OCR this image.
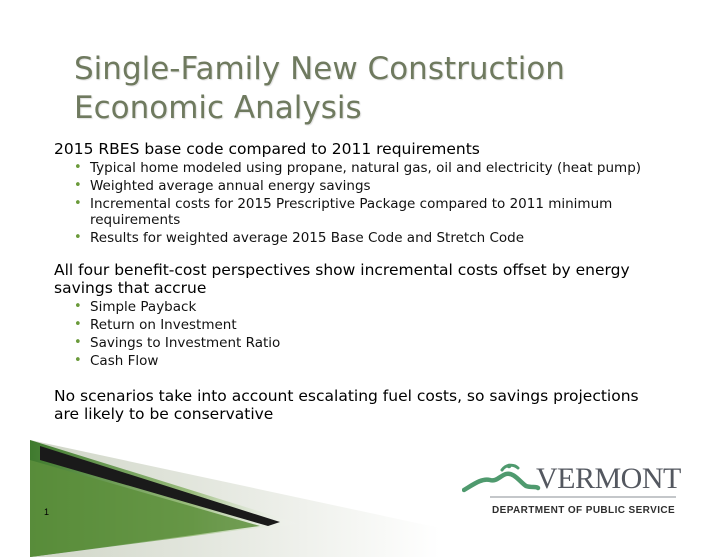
Single-Family New Construction
Economic Analysis

2015 RBES base code compared to 2011 requirements

• Typical home modeled using propane, natural gas, oil and electricity (heat pump)
• Weighted average annual energy savings
• Incremental costs for 2015 Prescriptive Package compared to 2011 minimum requirements
• Results for weighted average 2015 Base Code and Stretch Code

All four benefit-cost perspectives show incremental costs offset by energy savings that accrue

• Simple Payback
• Return on Investment
• Savings to Investment Ratio
• Cash Flow

No scenarios take into account escalating fuel costs, so savings projections are likely to be conservative

1
VERMONT
DEPARTMENT OF PUBLIC SERVICE
